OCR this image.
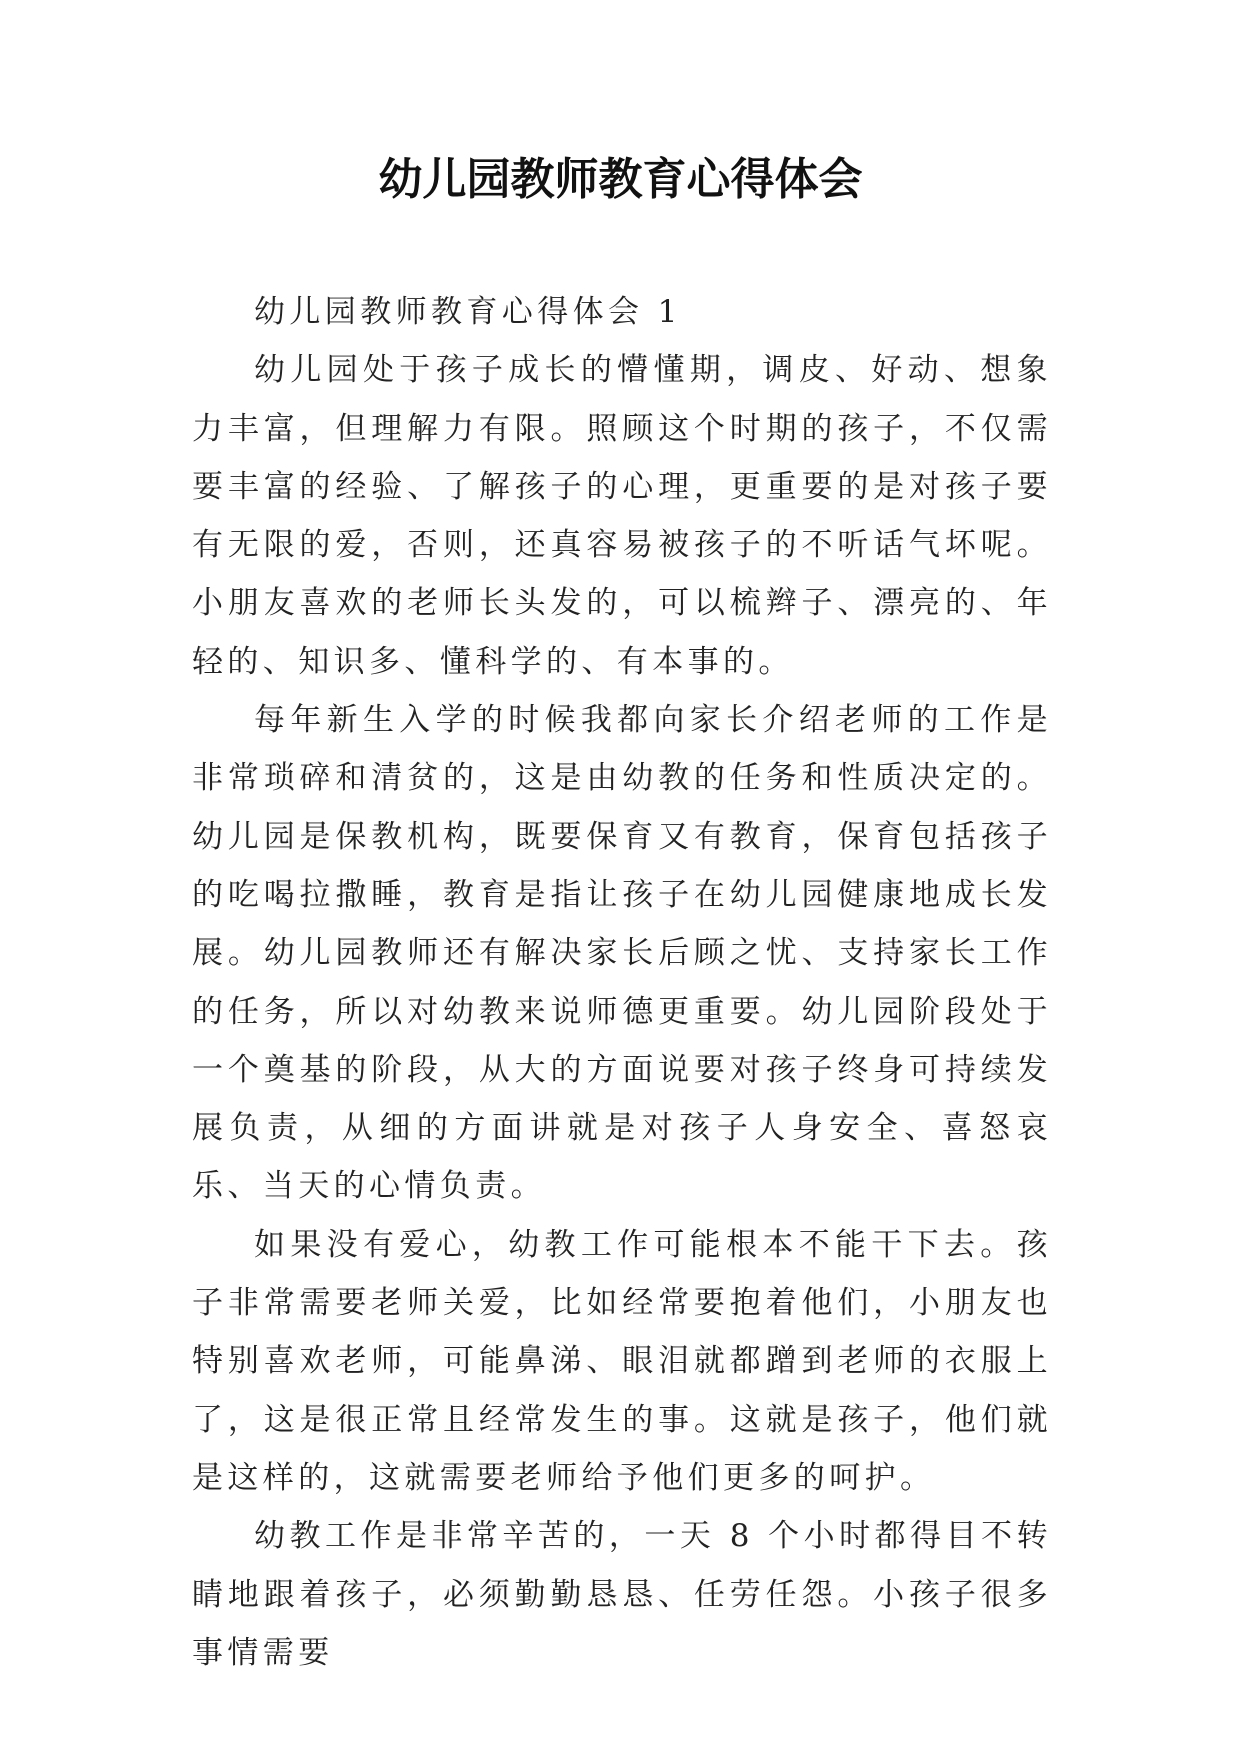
幼儿园教师教育心得体会

幼儿园教师教育心得体会 1

幼儿园处于孩子成长的懵懂期，调皮、好动、想象力丰富，但理解力有限。照顾这个时期的孩子，不仅需要丰富的经验、了解孩子的心理，更重要的是对孩子要有无限的爱，否则，还真容易被孩子的不听话气坏呢。小朋友喜欢的老师长头发的，可以梳辫子、漂亮的、年轻的、知识多、懂科学的、有本事的。

每年新生入学的时候我都向家长介绍老师的工作是非常琐碎和清贫的，这是由幼教的任务和性质决定的。幼儿园是保教机构，既要保育又有教育，保育包括孩子的吃喝拉撒睡，教育是指让孩子在幼儿园健康地成长发展。幼儿园教师还有解决家长后顾之忧、支持家长工作的任务，所以对幼教来说师德更重要。幼儿园阶段处于一个奠基的阶段，从大的方面说要对孩子终身可持续发展负责，从细的方面讲就是对孩子人身安全、喜怒哀乐、当天的心情负责。

如果没有爱心，幼教工作可能根本不能干下去。孩子非常需要老师关爱，比如经常要抱着他们，小朋友也特别喜欢老师，可能鼻涕、眼泪就都蹭到老师的衣服上了，这是很正常且经常发生的事。这就是孩子，他们就是这样的，这就需要老师给予他们更多的呵护。

幼教工作是非常辛苦的，一天 8 个小时都得目不转睛地跟着孩子，必须勤勤恳恳、任劳任怨。小孩子很多事情需要
